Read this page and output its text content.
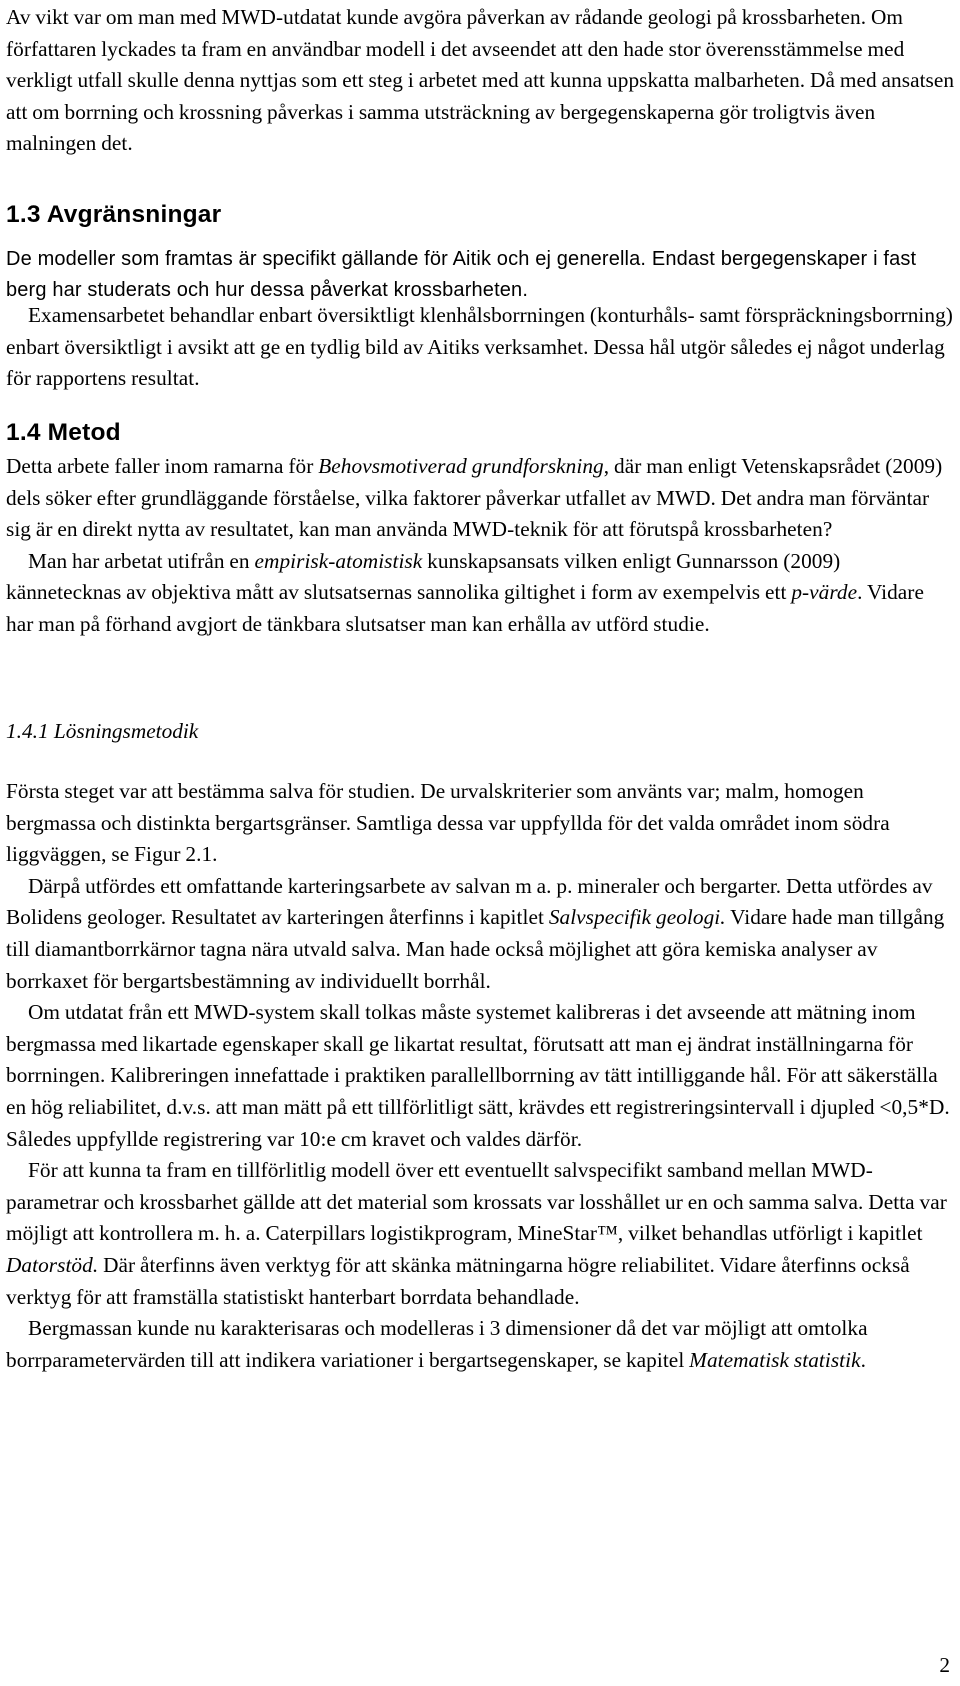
Av vikt var om man med MWD-utdatat kunde avgöra påverkan av rådande geologi på krossbarheten. Om författaren lyckades ta fram en användbar modell i det avseendet att den hade stor överensstämmelse med verkligt utfall skulle denna nyttjas som ett steg i arbetet med att kunna uppskatta malbarheten. Då med ansatsen att om borrning och krossning påverkas i samma utsträckning av bergegenskaperna gör troligtvis även malningen det.

1.3 Avgränsningar

De modeller som framtas är specifikt gällande för Aitik och ej generella. Endast bergegenskaper i fast berg har studerats och hur dessa påverkat krossbarheten.

Examensarbetet behandlar enbart översiktligt klenhålsborrningen (konturhåls- samt förspräckningsborrning) enbart översiktligt i avsikt att ge en tydlig bild av Aitiks verksamhet. Dessa hål utgör således ej något underlag för rapportens resultat.

1.4 Metod

Detta arbete faller inom ramarna för Behovsmotiverad grundforskning, där man enligt Vetenskapsrådet (2009) dels söker efter grundläggande förståelse, vilka faktorer påverkar utfallet av MWD. Det andra man förväntar sig är en direkt nytta av resultatet, kan man använda MWD-teknik för att förutspå krossbarheten?

Man har arbetat utifrån en empirisk-atomistisk kunskapsansats vilken enligt Gunnarsson (2009) kännetecknas av objektiva mått av slutsatsernas sannolika giltighet i form av exempelvis ett p-värde. Vidare har man på förhand avgjort de tänkbara slutsatser man kan erhålla av utförd studie.

1.4.1 Lösningsmetodik

Första steget var att bestämma salva för studien. De urvalskriterier som använts var; malm, homogen bergmassa och distinkta bergartsgränser. Samtliga dessa var uppfyllda för det valda området inom södra liggväggen, se Figur 2.1.

Därpå utfördes ett omfattande karteringsarbete av salvan m a. p. mineraler och bergarter. Detta utfördes av Bolidens geologer. Resultatet av karteringen återfinns i kapitlet Salvspecifik geologi. Vidare hade man tillgång till diamantborrkärnor tagna nära utvald salva. Man hade också möjlighet att göra kemiska analyser av borrkaxet för bergartsbestämning av individuellt borrhål.

Om utdatat från ett MWD-system skall tolkas måste systemet kalibreras i det avseende att mätning inom bergmassa med likartade egenskaper skall ge likartat resultat, förutsatt att man ej ändrat inställningarna för borrningen. Kalibreringen innefattade i praktiken parallellborrning av tätt intilliggande hål. För att säkerställa en hög reliabilitet, d.v.s. att man mätt på ett tillförlitligt sätt, krävdes ett registreringsintervall i djupled <0,5*D. Således uppfyllde registrering var 10:e cm kravet och valdes därför.

För att kunna ta fram en tillförlitlig modell över ett eventuellt salvspecifikt samband mellan MWD-parametrar och krossbarhet gällde att det material som krossats var losshållet ur en och samma salva. Detta var möjligt att kontrollera m. h. a. Caterpillars logistikprogram, MineStar™, vilket behandlas utförligt i kapitlet Datorstöd. Där återfinns även verktyg för att skänka mätningarna högre reliabilitet. Vidare återfinns också verktyg för att framställa statistiskt hanterbart borrdata behandlade.

Bergmassan kunde nu karakterisaras och modelleras i 3 dimensioner då det var möjligt att omtolka borrparametervärden till att indikera variationer i bergartsegenskaper, se kapitel Matematisk statistik.

2
